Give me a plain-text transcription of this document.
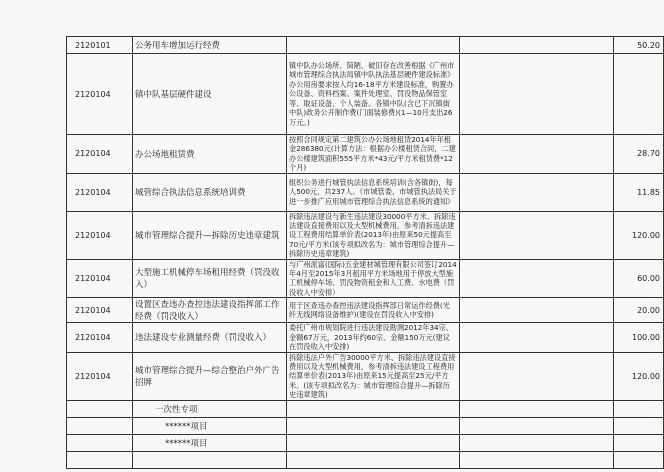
2120101	公务用车增加运行经费			50.20
2120104	镇中队基层硬件建设	镇中队办公场所、简陋、破旧存在改善根据《广州市城市管理综合执法局镇中队执法基层硬件建设标准》办公用房要求按人均16-18平方米建设标准，购置办公设备、资料档案、案件处理室、罚没物品保管室等、取证设备、个人装备。各镇中队(含已下沉镇街中队)政务公开制作费(门面装修费)(1—10月支出26万元。)		
2120104	办公场地租赁费	按照合同规定第二建筑公办公场地租赁2014年年租金286380元(计算方法：根据办公楼租赁合同，二建办公楼建筑面积555平方米*43元/平方米租赁费*12个月)		28.70
2120104	城管综合执法信息系统培训费	组织公务进行城管执法信息系统培训(含各镇街)，每人500元，共237人。《市城管委、市城管执法局关于进一步推广应用城市管理综合执法信息系统的通知》		11.85
2120104	城市管理综合提升—拆除历史违章建筑	拆除违法建设与新生违法建设30000平方米、拆除违法建设直接费用以及大型机械费用，参考清拆违法建设工程费用结算单价表(2013年)由原来50元提高至70元/平方米(该专项拟改名为：城市管理综合提升—拆除历史违章建筑)		120.00
2120104	大型施工机械停车场租用经费（罚没收入）	与广州派富(国际)五金建材城管理有限公司签订2014年4月至2015年3月租用平方米场地用于停放大型施工机械停车场、罚没物资租金和人工费、水电费（罚没收入中安排）		60.00
2120104	设置区查违办查控违法建设指挥部工作经费（罚没收入）	用于区查违办查控违法建设指挥部日常运作经费(光纤无线网络设备维护)(建设在罚没收入中安排)		20.00
2120104	违法建设专业测量经费（罚没收入）	委托广州市规划院进行违法建设勘测2012年34宗、金额67万元，2013年约60宗、金额150万元(建议在罚没收入中安排)		100.00
2120104	城市管理综合提升—综合整治户外广告招牌	拆除违法户外广告30000平方米、拆除违法建设直接费用以及大型机械费用，参考清拆违法建设工程费用结算单价表(2013年)由原来15元提高至25元/平方米。(该专项拟改名为：城市管理综合提升—拆除历史违章建筑)		120.00
	一次性专项			
	******项目			
	******项目			
